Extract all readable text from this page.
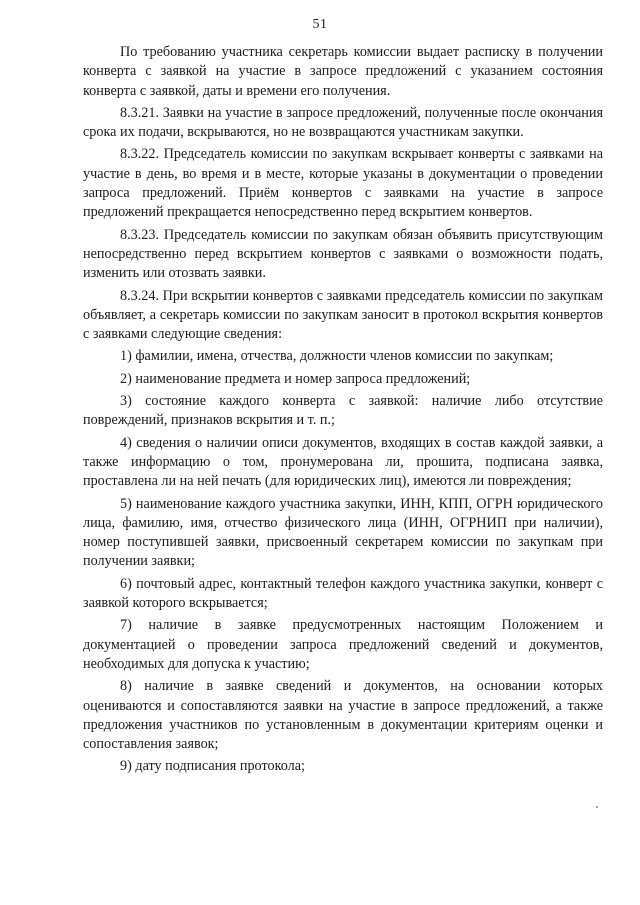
51

По требованию участника секретарь комиссии выдает расписку в получении конверта с заявкой на участие в запросе предложений с указанием состояния конверта с заявкой, даты и времени его получения.

8.3.21. Заявки на участие в запросе предложений, полученные после окончания срока их подачи, вскрываются, но не возвращаются участникам закупки.

8.3.22. Председатель комиссии по закупкам вскрывает конверты с заявками на участие в день, во время и в месте, которые указаны в документации о проведении запроса предложений. Приём конвертов с заявками на участие в запросе предложений прекращается непосредственно перед вскрытием конвертов.

8.3.23. Председатель комиссии по закупкам обязан объявить присутствующим непосредственно перед вскрытием конвертов с заявками о возможности подать, изменить или отозвать заявки.

8.3.24. При вскрытии конвертов с заявками председатель комиссии по закупкам объявляет, а секретарь комиссии по закупкам заносит в протокол вскрытия конвертов с заявками следующие сведения:

1) фамилии, имена, отчества, должности членов комиссии по закупкам;

2) наименование предмета и номер запроса предложений;

3) состояние каждого конверта с заявкой: наличие либо отсутствие повреждений, признаков вскрытия и т. п.;

4) сведения о наличии описи документов, входящих в состав каждой заявки, а также информацию о том, пронумерована ли, прошита, подписана заявка, проставлена ли на ней печать (для юридических лиц), имеются ли повреждения;

5) наименование каждого участника закупки, ИНН, КПП, ОГРН юридического лица, фамилию, имя, отчество физического лица (ИНН, ОГРНИП при наличии), номер поступившей заявки, присвоенный секретарем комиссии по закупкам при получении заявки;

6) почтовый адрес, контактный телефон каждого участника закупки, конверт с заявкой которого вскрывается;

7) наличие в заявке предусмотренных настоящим Положением и документацией о проведении запроса предложений сведений и документов, необходимых для допуска к участию;

8) наличие в заявке сведений и документов, на основании которых оцениваются и сопоставляются заявки на участие в запросе предложений, а также предложения участников по установленным в документации критериям оценки и сопоставления заявок;

9) дату подписания протокола;
